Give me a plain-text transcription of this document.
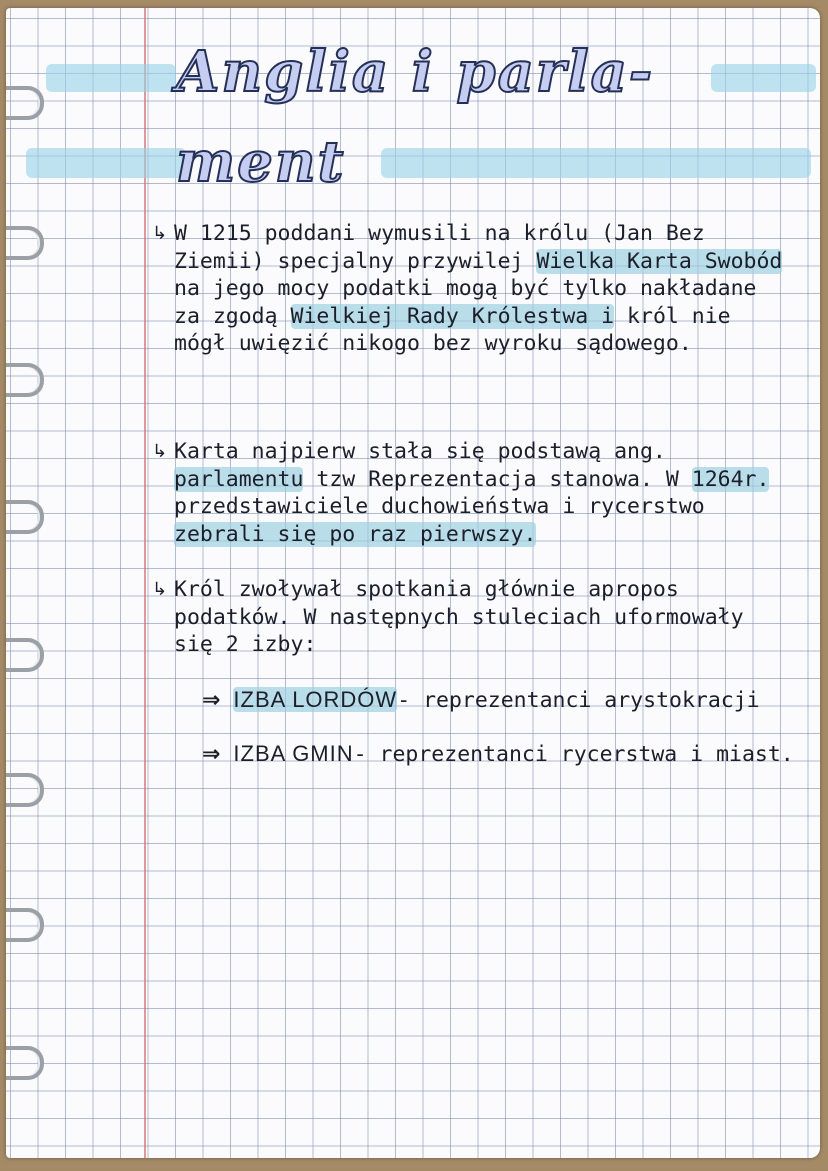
Anglia i parla-
ment

↳ W 1215 poddani wymusili na królu (Jan Bez Ziemii) specjalny przywilej Wielka Karta Swobód na jego mocy podatki mogą być tylko nakładane za zgodą Wielkiej Rady Królestwa i król nie mógł uwięzić nikogo bez wyroku sądowego.

↳ Karta najpierw stała się podstawą ang. parlamentu tzw Reprezentacja stanowa. W 1264r. przedstawiciele duchowieństwa i rycerstwo zebrali się po raz pierwszy.

↳ Król zwoływał spotkania głównie apropos podatków. W następnych stuleciach uformowały się 2 izby:

⇒ IZBA LORDÓW- reprezentanci arystokracji

⇒ IZBA GMIN- reprezentanci rycerstwa i miast.
